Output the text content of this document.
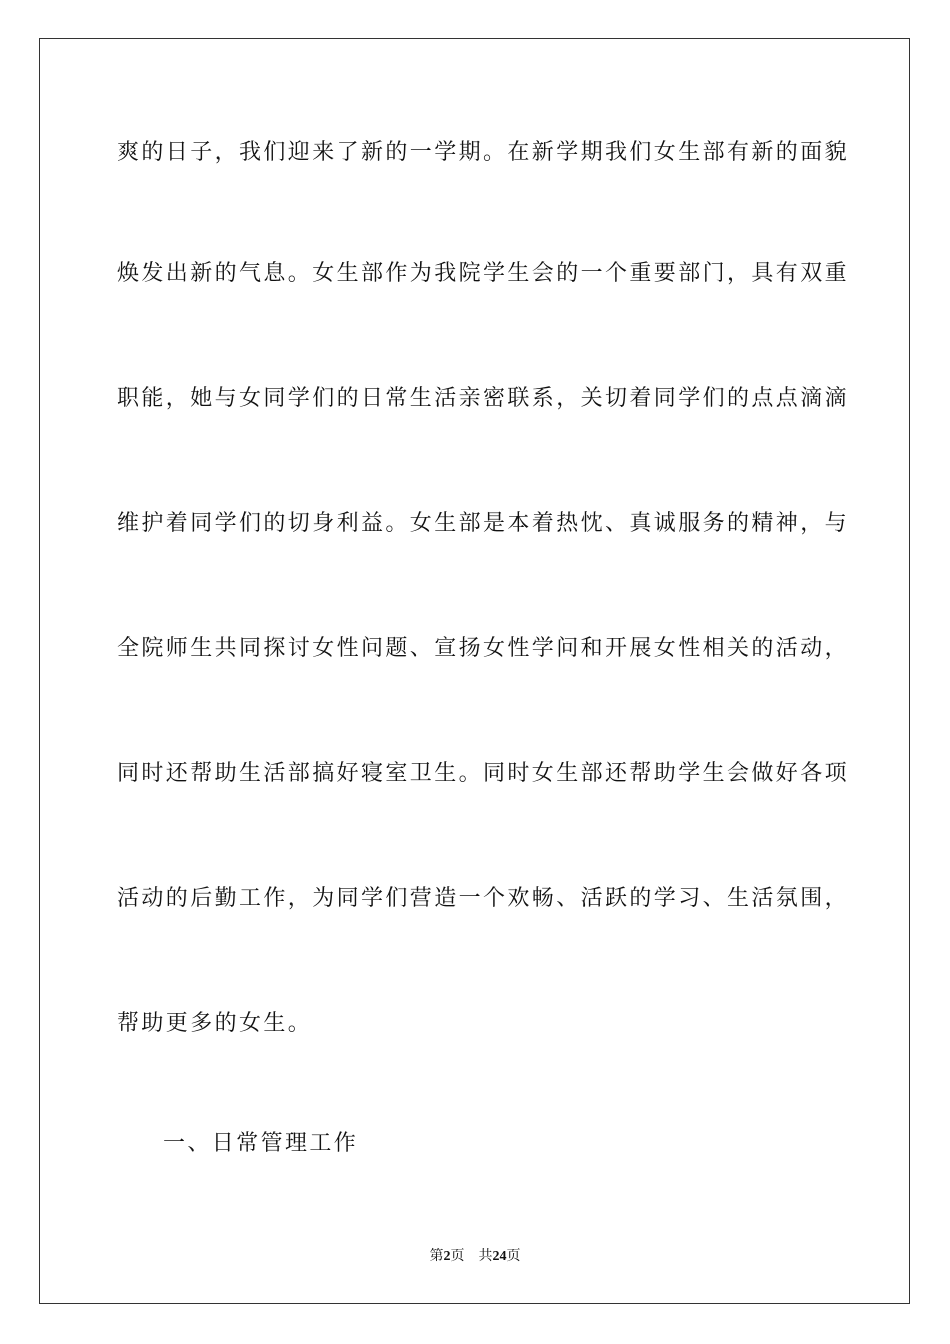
爽的日子，我们迎来了新的一学期。在新学期我们女生部有新的面貌
焕发出新的气息。女生部作为我院学生会的一个重要部门，具有双重
职能，她与女同学们的日常生活亲密联系，关切着同学们的点点滴滴
维护着同学们的切身利益。女生部是本着热忱、真诚服务的精神，与
全院师生共同探讨女性问题、宣扬女性学问和开展女性相关的活动，
同时还帮助生活部搞好寝室卫生。同时女生部还帮助学生会做好各项
活动的后勤工作，为同学们营造一个欢畅、活跃的学习、生活氛围，
帮助更多的女生。
一、日常管理工作
第2页 共24页
